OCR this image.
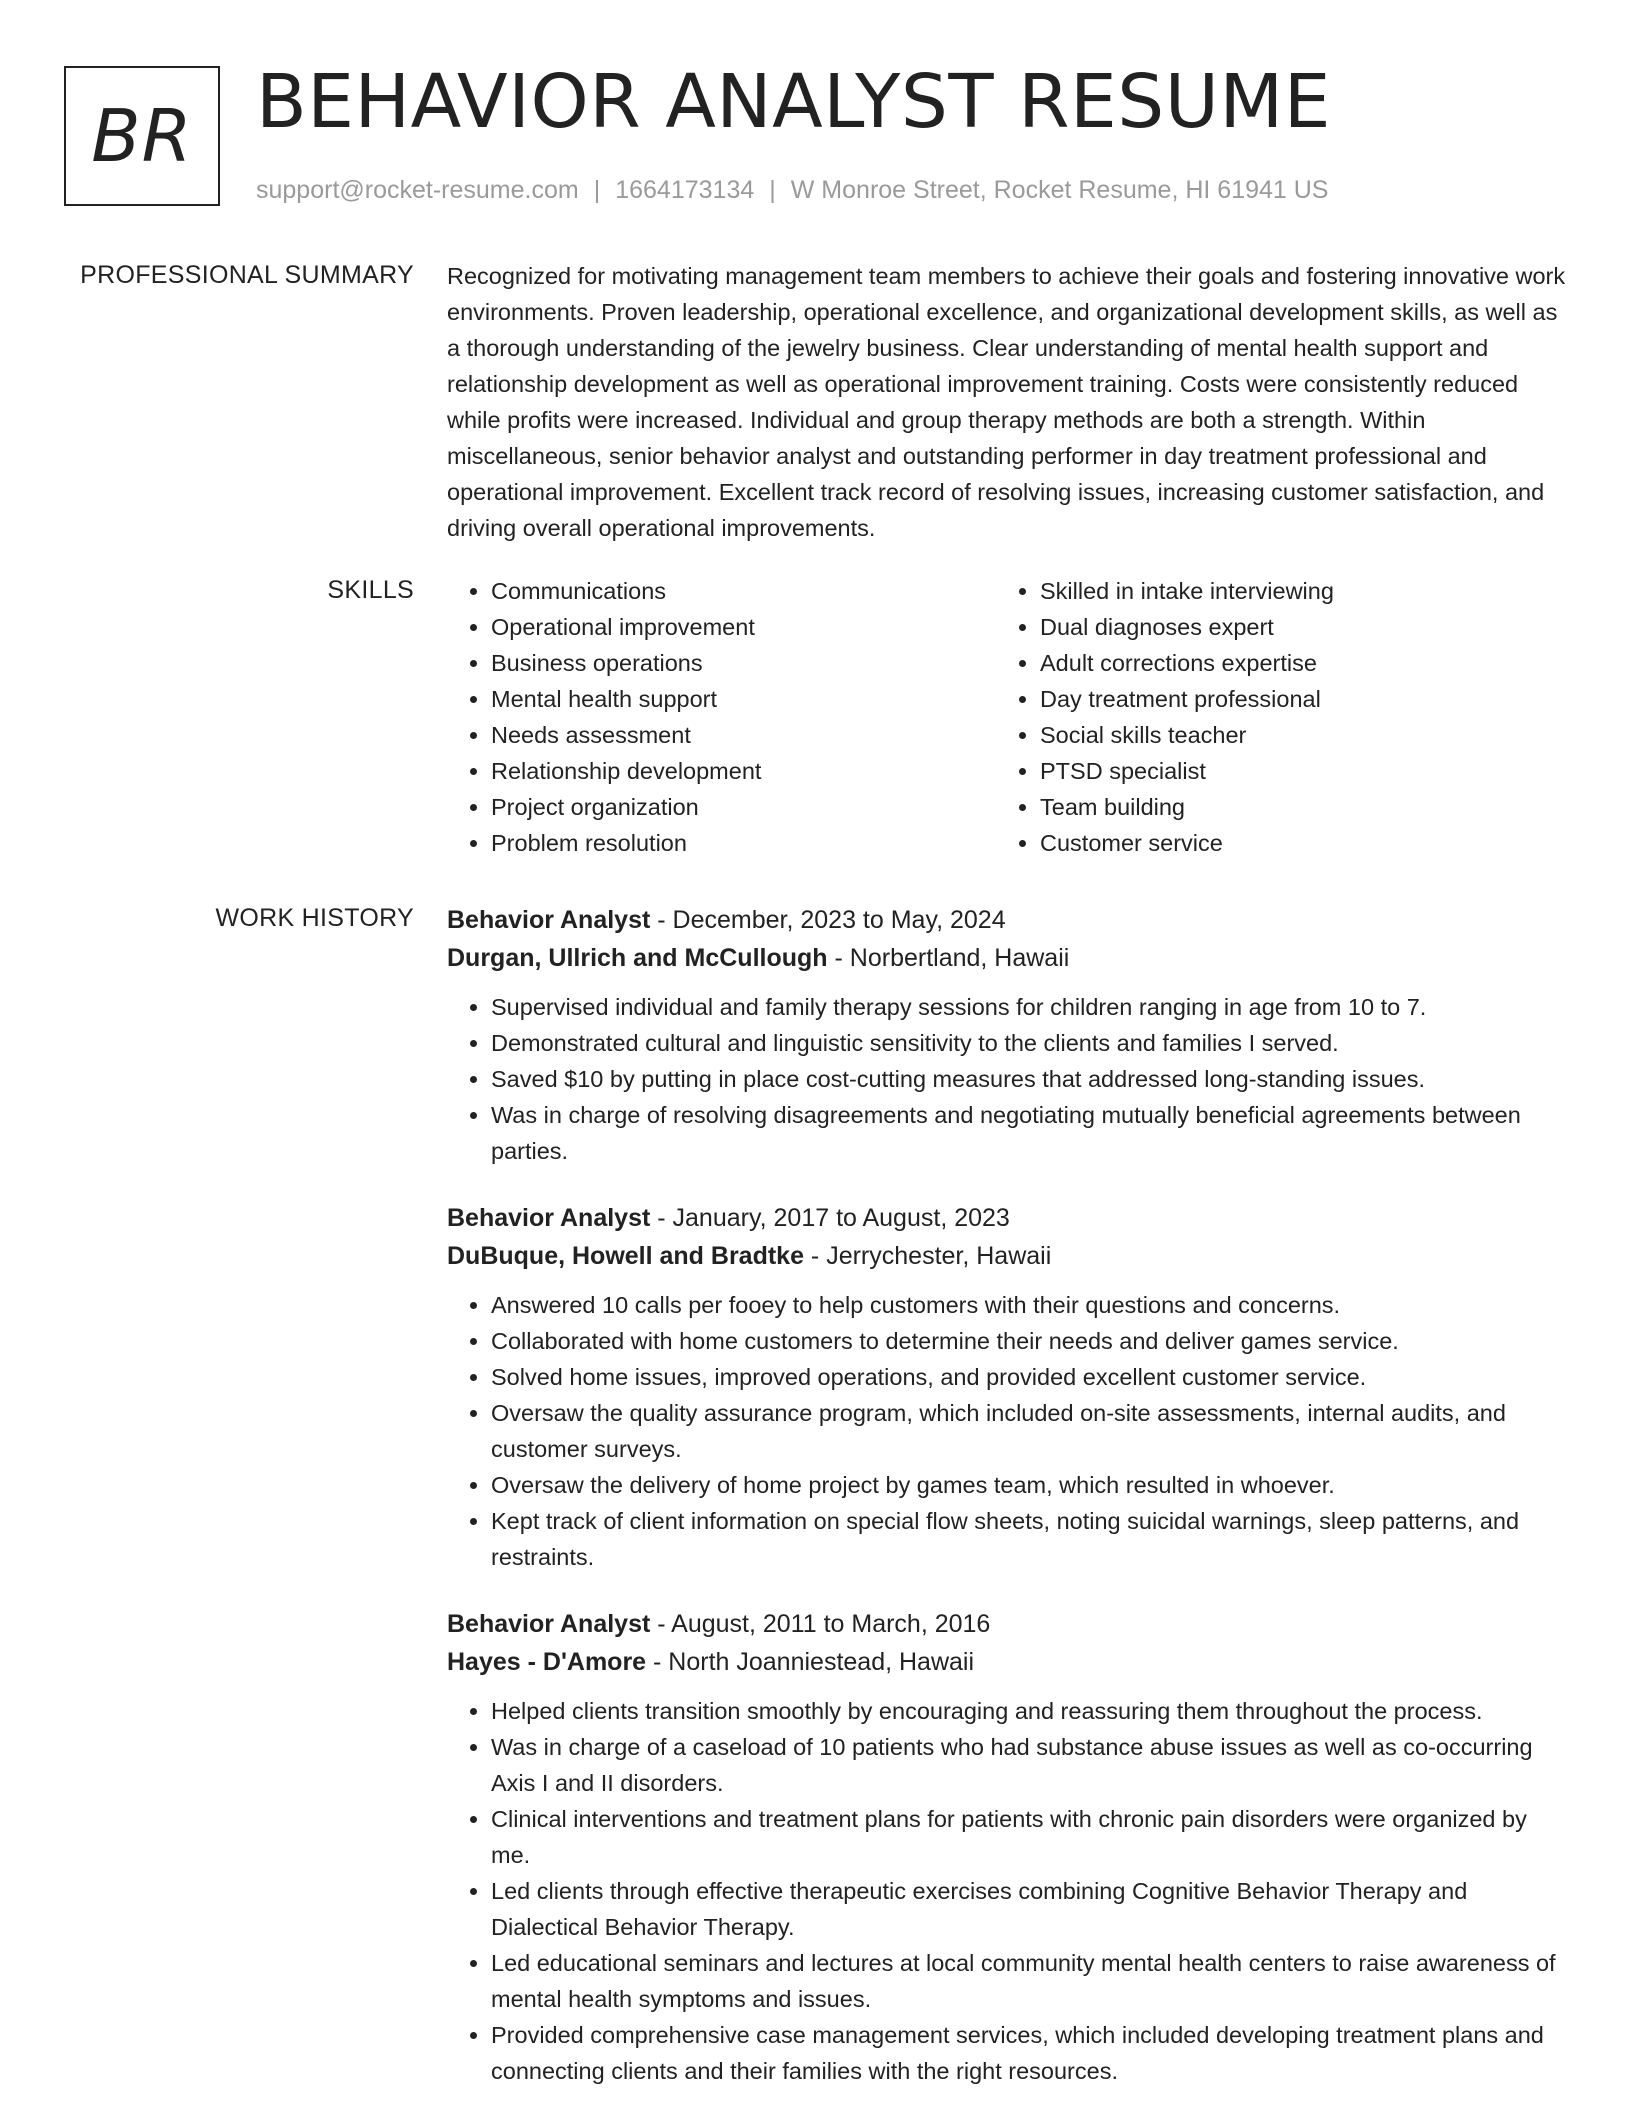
BR BEHAVIOR ANALYST RESUME
support@rocket-resume.com | 1664173134 | W Monroe Street, Rocket Resume, HI 61941 US
PROFESSIONAL SUMMARY Recognized for motivating management team members to achieve their goals and fostering innovative work environments. Proven leadership, operational excellence, and organizational development skills, as well as a thorough understanding of the jewelry business. Clear understanding of mental health support and relationship development as well as operational improvement training. Costs were consistently reduced while profits were increased. Individual and group therapy methods are both a strength. Within miscellaneous, senior behavior analyst and outstanding performer in day treatment professional and operational improvement. Excellent track record of resolving issues, increasing customer satisfaction, and driving overall operational improvements.

SKILLS
•	Communications
• Operational improvement
• Business operations
• Mental health support
• Needs assessment
• Relationship development
• Project organization
• Problem resolution
• Skilled in intake interviewing
• Dual diagnoses expert
• Adult corrections expertise
• Day treatment professional
• Social skills teacher
• PTSD specialist
• Team building
• Customer service
WORK HISTORY Behavior Analyst - December, 2023 to May, 2024
Durgan, Ullrich and McCullough - Norbertland, Hawaii
• Supervised individual and family therapy sessions for children ranging in age from 10 to 7.
• Demonstrated cultural and linguistic sensitivity to the clients and families I served.
• Saved $10 by putting in place cost-cutting measures that addressed long-standing issues.
• Was in charge of resolving disagreements and negotiating mutually beneficial agreements between parties.
Behavior Analyst - January, 2017 to August, 2023
DuBuque, Howell and Bradtke - Jerrychester, Hawaii
• Answered 10 calls per fooey to help customers with their questions and concerns.
• Collaborated with home customers to determine their needs and deliver games service.
• Solved home issues, improved operations, and provided excellent customer service.
• Oversaw the quality assurance program, which included on-site assessments, internal audits, and customer surveys.
• Oversaw the delivery of home project by games team, which resulted in whoever.
• Kept track of client information on special flow sheets, noting suicidal warnings, sleep patterns, and restraints.
Behavior Analyst - August, 2011 to March, 2016
Hayes - D'Amore - North Joanniestead, Hawaii
• Helped clients transition smoothly by encouraging and reassuring them throughout the process.
• Was in charge of a caseload of 10 patients who had substance abuse issues as well as co-occurring Axis I and II disorders.
• Clinical interventions and treatment plans for patients with chronic pain disorders were organized by me.
• Led clients through effective therapeutic exercises combining Cognitive Behavior Therapy and Dialectical Behavior Therapy.
• Led educational seminars and lectures at local community mental health centers to raise awareness of mental health symptoms and issues.
• Provided comprehensive case management services, which included developing treatment plans and connecting clients and their families with the right resources.
